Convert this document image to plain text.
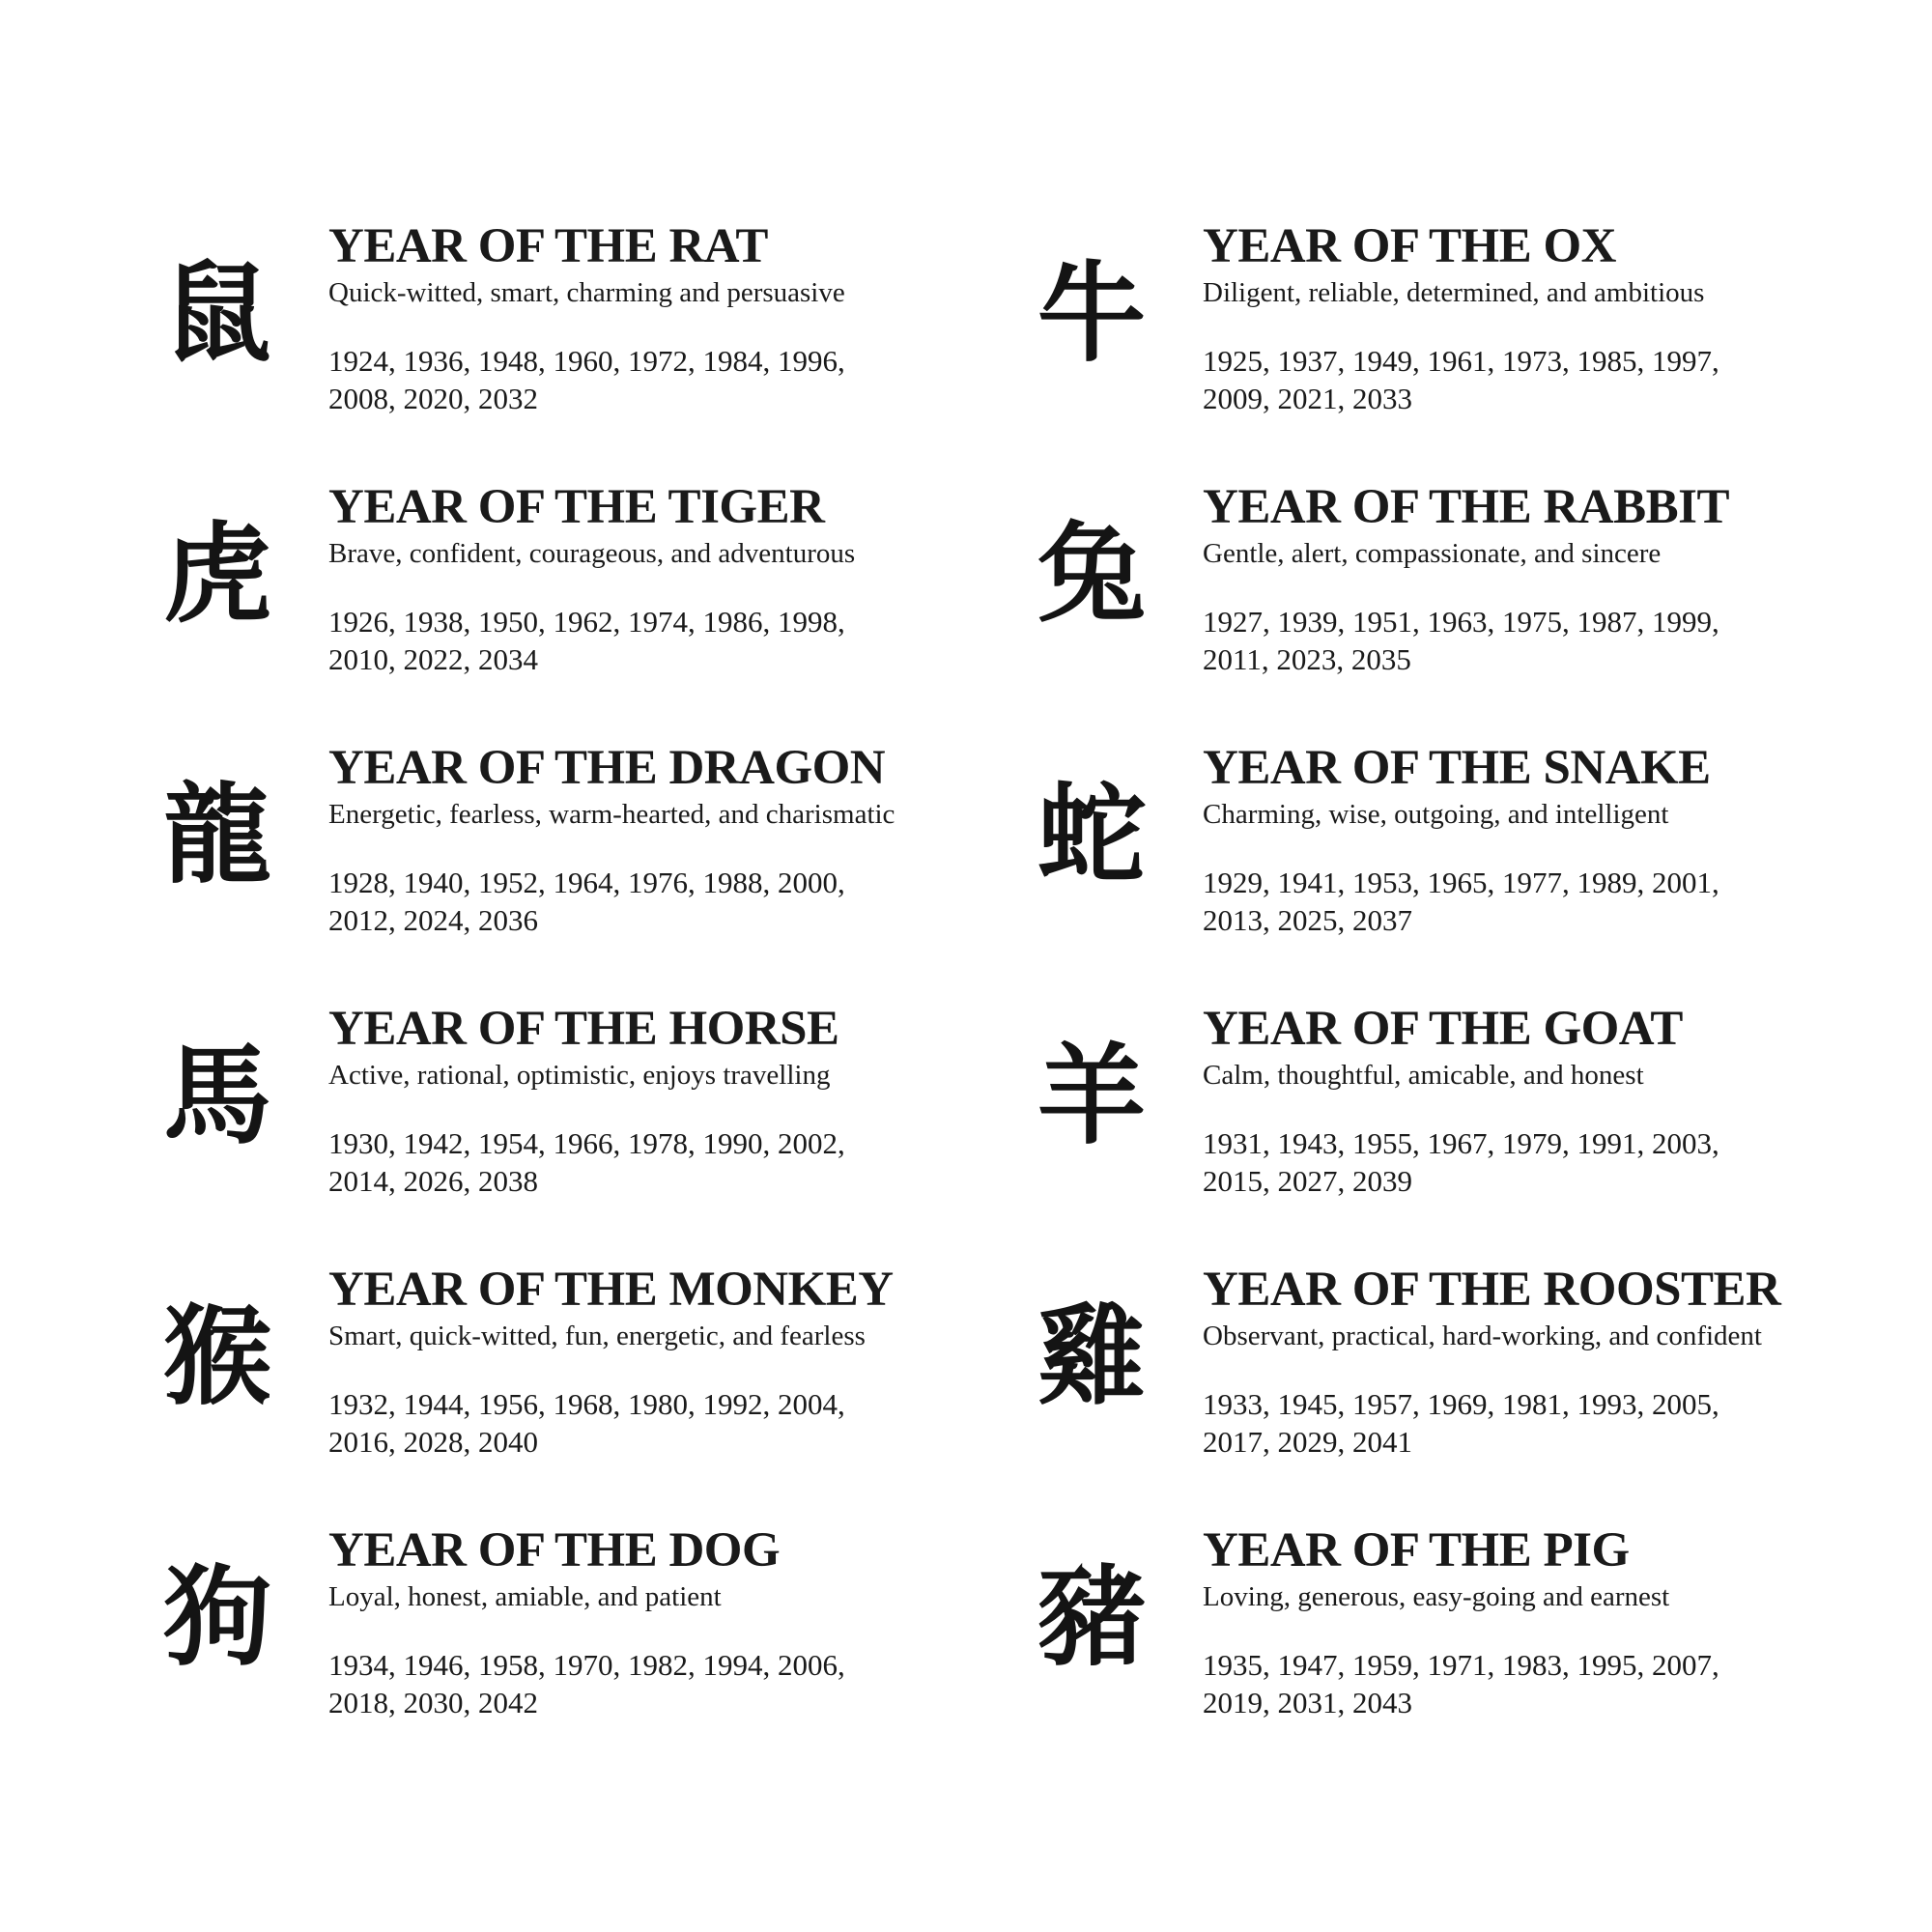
鼠
YEAR OF THE RAT
Quick-witted, smart, charming and persuasive
1924, 1936, 1948, 1960, 1972, 1984, 1996, 2008, 2020, 2032
虎
YEAR OF THE TIGER
Brave, confident, courageous, and adventurous
1926, 1938, 1950, 1962, 1974, 1986, 1998, 2010, 2022, 2034
龍
YEAR OF THE DRAGON
Energetic, fearless, warm-hearted, and charismatic
1928, 1940, 1952, 1964, 1976, 1988, 2000, 2012, 2024, 2036
馬
YEAR OF THE HORSE
Active, rational, optimistic, enjoys travelling
1930, 1942, 1954, 1966, 1978, 1990, 2002, 2014, 2026, 2038
猴
YEAR OF THE MONKEY
Smart, quick-witted, fun, energetic, and fearless
1932, 1944, 1956, 1968, 1980, 1992, 2004, 2016, 2028, 2040
狗
YEAR OF THE DOG
Loyal, honest, amiable, and patient
1934, 1946, 1958, 1970, 1982, 1994, 2006, 2018, 2030, 2042
牛
YEAR OF THE OX
Diligent, reliable, determined, and ambitious
1925, 1937, 1949, 1961, 1973, 1985, 1997, 2009, 2021, 2033
兔
YEAR OF THE RABBIT
Gentle, alert, compassionate, and sincere
1927, 1939, 1951, 1963, 1975, 1987, 1999, 2011, 2023, 2035
蛇
YEAR OF THE SNAKE
Charming, wise, outgoing, and intelligent
1929, 1941, 1953, 1965, 1977, 1989, 2001, 2013, 2025, 2037
羊
YEAR OF THE GOAT
Calm, thoughtful, amicable, and honest
1931, 1943, 1955, 1967, 1979, 1991, 2003, 2015, 2027, 2039
雞
YEAR OF THE ROOSTER
Observant, practical, hard-working, and confident
1933, 1945, 1957, 1969, 1981, 1993, 2005, 2017, 2029, 2041
豬
YEAR OF THE PIG
Loving, generous, easy-going and earnest
1935, 1947, 1959, 1971, 1983, 1995, 2007, 2019, 2031, 2043
